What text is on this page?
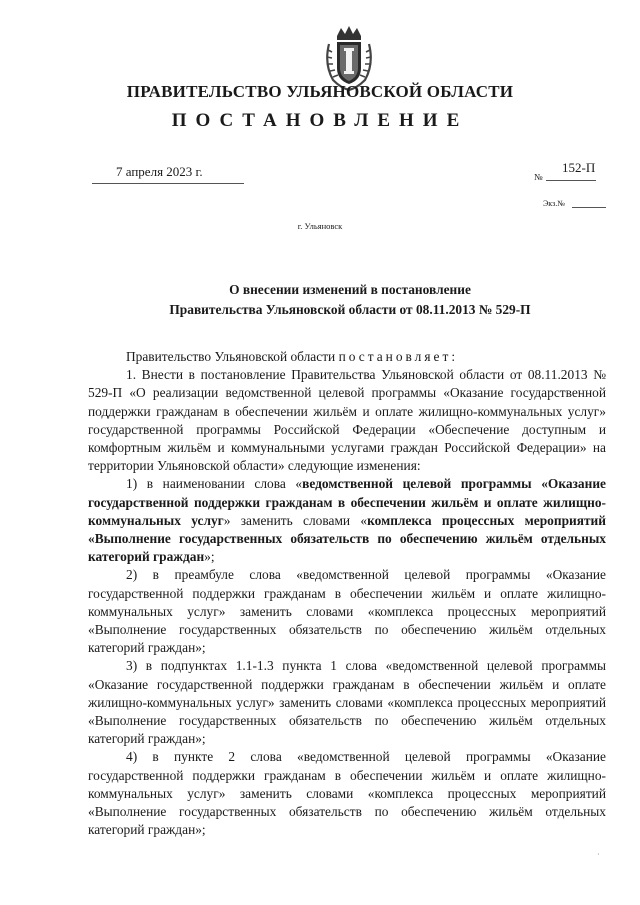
ПРАВИТЕЛЬСТВО УЛЬЯНОВСКОЙ ОБЛАСТИ
ПОСТАНОВЛЕНИЕ
7 апреля 2023 г.	№
152-П
Экз.№
г. Ульяновск
О внесении изменений в постановление
Правительства Ульяновской области от 08.11.2013 № 529-П

Правительство Ульяновской области постановляет:

1. Внести в постановление Правительства Ульяновской области от 08.11.2013 № 529-П «О реализации ведомственной целевой программы «Оказание государственной поддержки гражданам в обеспечении жильём и оплате жилищно-коммунальных услуг» государственной программы Российской Федерации «Обеспечение доступным и комфортным жильём и коммунальными услугами граждан Российской Федерации» на территории Ульяновской области» следующие изменения:

1) в наименовании слова «ведомственной целевой программы «Оказание государственной поддержки гражданам в обеспечении жильём и оплате жилищно-коммунальных услуг» заменить словами «комплекса процессных мероприятий «Выполнение государственных обязательств по обеспечению жильём отдельных категорий граждан»;

2) в преамбуле слова «ведомственной целевой программы «Оказание государственной поддержки гражданам в обеспечении жильём и оплате жилищно-коммунальных услуг» заменить словами «комплекса процессных мероприятий «Выполнение государственных обязательств по обеспечению жильём отдельных категорий граждан»;

3) в подпунктах 1.1-1.3 пункта 1 слова «ведомственной целевой программы «Оказание государственной поддержки гражданам в обеспечении жильём и оплате жилищно-коммунальных услуг» заменить словами «комплекса процессных мероприятий «Выполнение государственных обязательств по обеспечению жильём отдельных категорий граждан»;

4) в пункте 2 слова «ведомственной целевой программы «Оказание государственной поддержки гражданам в обеспечении жильём и оплате жилищно-коммунальных услуг» заменить словами «комплекса процессных мероприятий «Выполнение государственных обязательств по обеспечению жильём отдельных категорий граждан»;

·
